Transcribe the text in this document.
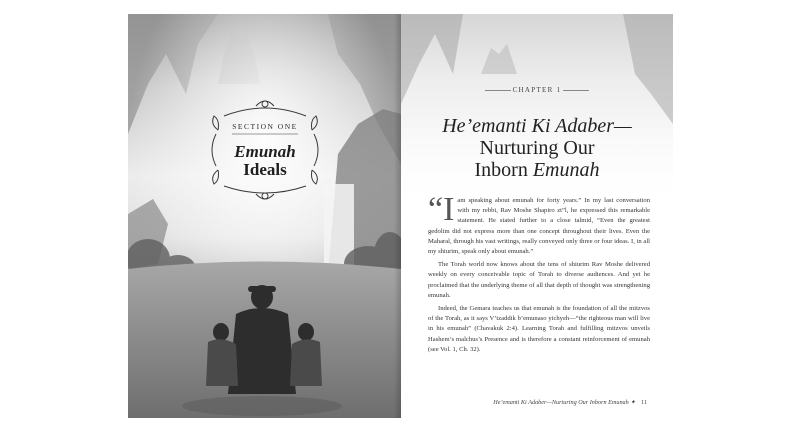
SECTION ONE
Emunah
Ideals
CHAPTER 1
He’emanti Ki Adaber—
Nurturing Our
Inborn Emunah

“Iam speaking about emunah for forty years.” In my last conversation with my rebbi, Rav Moshe Shapiro zt”l, he expressed this remarkable statement. He stated further to a close talmid, “Even the greatest gedolim did not express more than one concept throughout their lives. Even the Maharal, through his vast writings, really conveyed only three or four ideas. I, in all my shiurim, speak only about emunah.”

The Torah world now knows about the tens of shiurim Rav Moshe delivered weekly on every conceivable topic of Torah to diverse audiences. And yet he proclaimed that the underlying theme of all that depth of thought was strengthening emunah.

Indeed, the Gemara teaches us that emunah is the foundation of all the mitzvos of the Torah, as it says V’tzaddik b’emunaso yichyeh—“the righteous man will live in his emunah” (Chavakuk 2:4). Learning Torah and fulfilling mitzvos unveils Hashem’s malchus’s Presence and is therefore a constant reinforcement of emunah (see Vol. 1, Ch. 32).

He’emanti Ki Adaber—Nurturing Our Inborn Emunah ✦ 11
